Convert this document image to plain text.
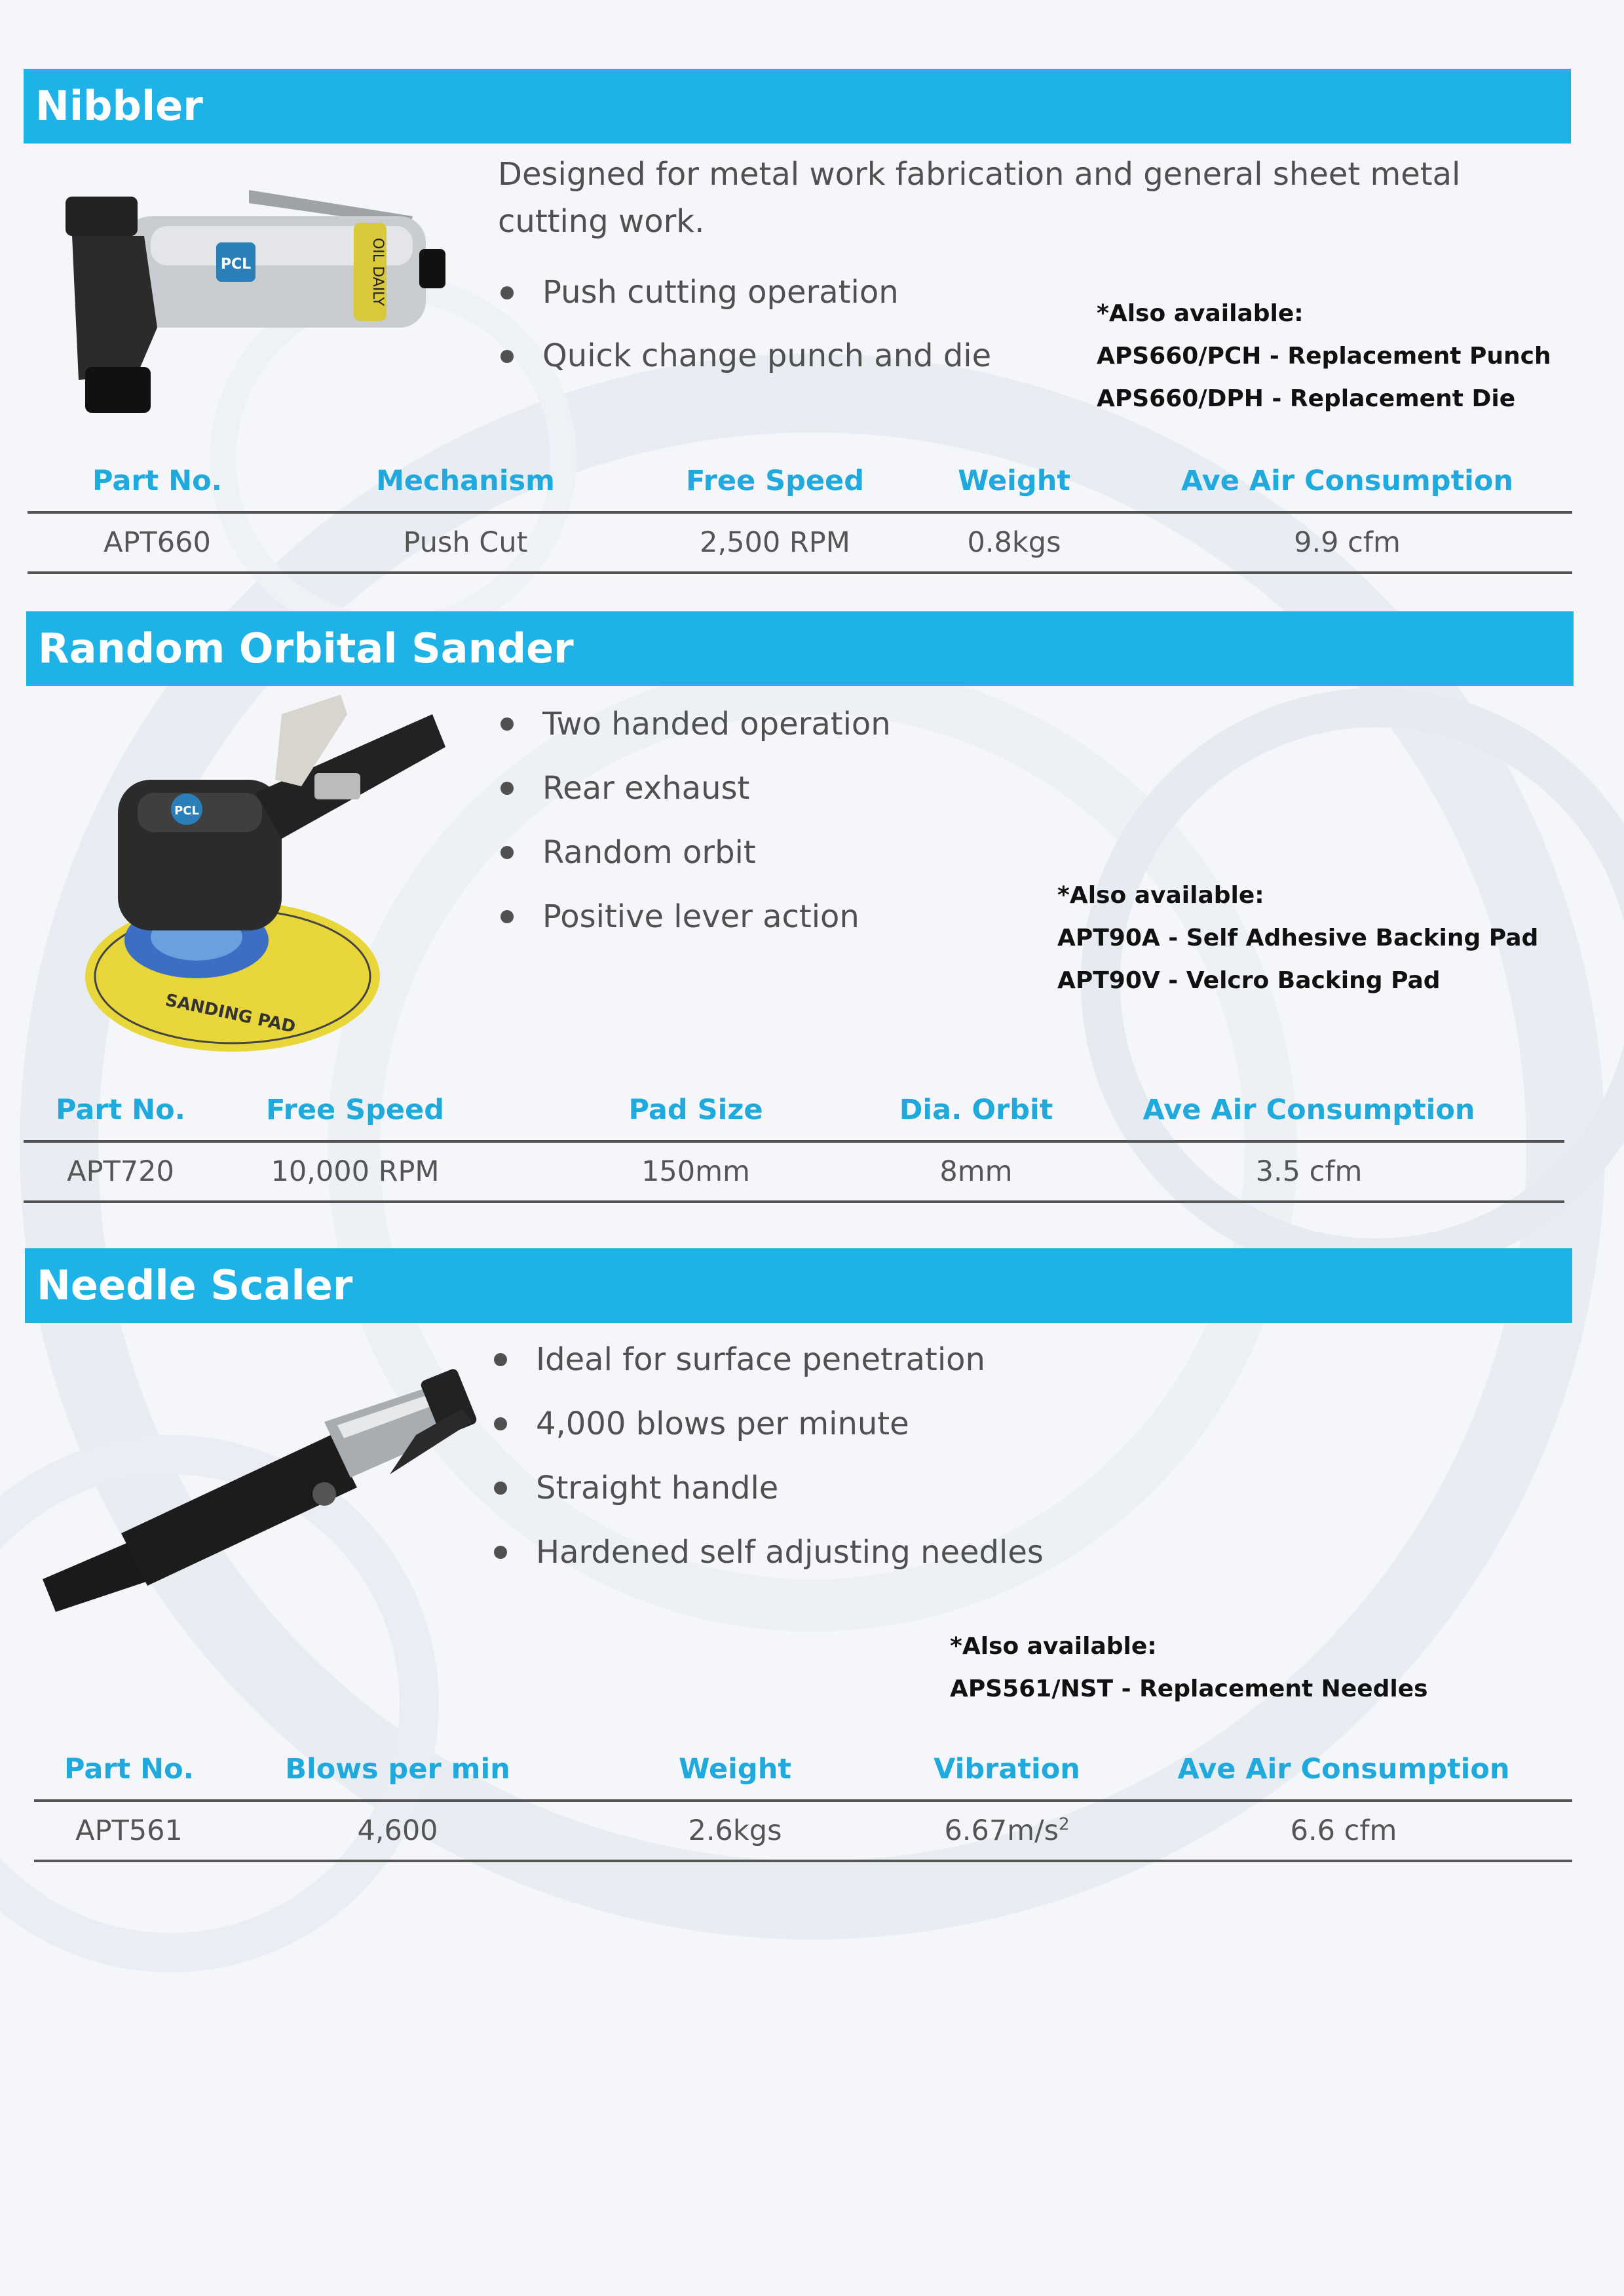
Nibbler
OIL DAILY
PCL
Designed for metal work fabrication and general sheet metal cutting work.
Push cutting operation
Quick change punch and die
*Also available:
APS660/PCH - Replacement Punch
APS660/DPH - Replacement Die
Part No.	Mechanism	Free Speed	Weight	Ave Air Consumption
APT660	Push Cut	2,500 RPM	0.8kgs	9.9 cfm
Random Orbital Sander
SANDING PAD
PCL
Two handed operation
Rear exhaust
Random orbit
Positive lever action
*Also available:
APT90A - Self Adhesive Backing Pad
APT90V - Velcro Backing Pad
Part No.	Free Speed	Pad Size	Dia. Orbit	Ave Air Consumption
APT720	10,000 RPM	150mm	8mm	3.5 cfm
Needle Scaler
Ideal for surface penetration
4,000 blows per minute
Straight handle
Hardened self adjusting needles
*Also available:
APS561/NST - Replacement Needles
Part No.	Blows per min	Weight	Vibration	Ave Air Consumption
APT561	4,600	2.6kgs	$6.67m/s^2$	6.6 cfm
